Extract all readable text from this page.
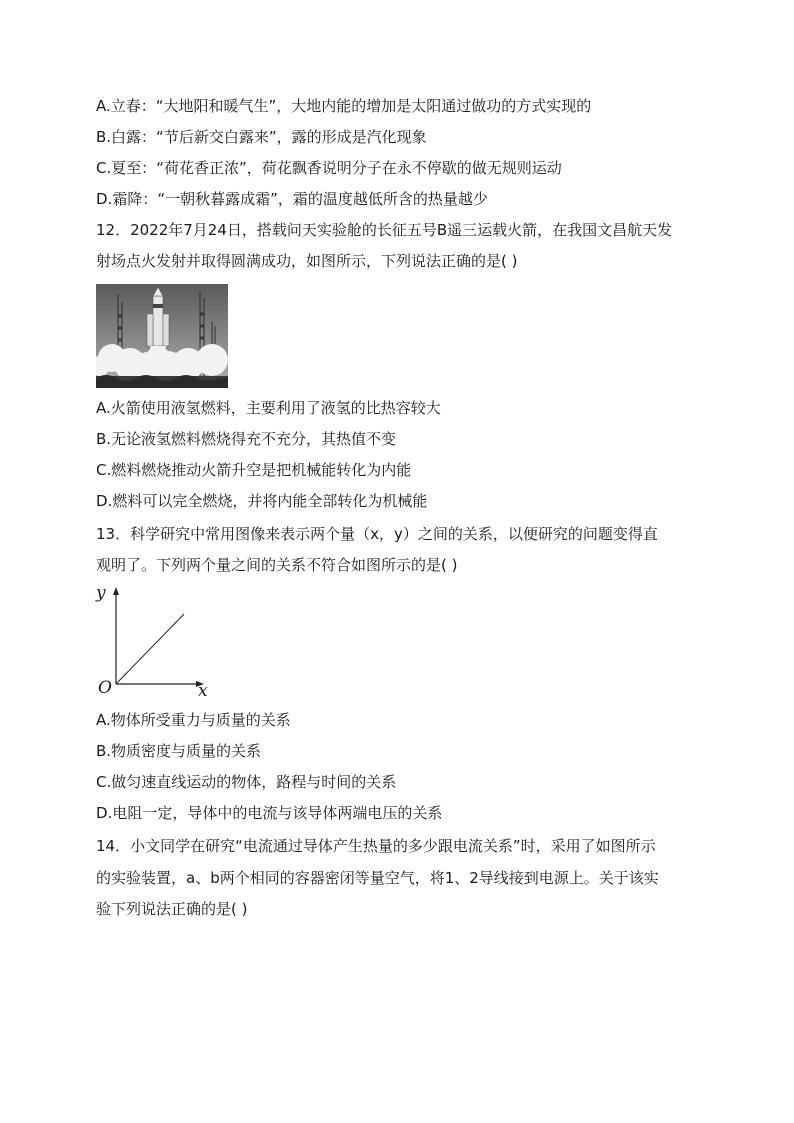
A.立春：“大地阳和暖气生”，大地内能的增加是太阳通过做功的方式实现的
B.白露：“节后新交白露来”，露的形成是汽化现象
C.夏至：“荷花香正浓”，荷花飘香说明分子在永不停歇的做无规则运动
D.霜降：“一朝秋暮露成霜”，霜的温度越低所含的热量越少
12．2022年7月24日，搭载问天实验舱的长征五号B遥三运载火箭，在我国文昌航天发
射场点火发射并取得圆满成功，如图所示，下列说法正确的是( )
A.火箭使用液氢燃料，主要利用了液氢的比热容较大
B.无论液氢燃料燃烧得充不充分，其热值不变
C.燃料燃烧推动火箭升空是把机械能转化为内能
D.燃料可以完全燃烧，并将内能全部转化为机械能
13．科学研究中常用图像来表示两个量（x，y）之间的关系，以便研究的问题变得直
观明了。下列两个量之间的关系不符合如图所示的是( )
y
x
O
A.物体所受重力与质量的关系
B.物质密度与质量的关系
C.做匀速直线运动的物体，路程与时间的关系
D.电阻一定，导体中的电流与该导体两端电压的关系
14．小文同学在研究“电流通过导体产生热量的多少跟电流关系”时，采用了如图所示
的实验装置，a、b两个相同的容器密闭等量空气，将1、2导线接到电源上。关于该实
验下列说法正确的是( )
